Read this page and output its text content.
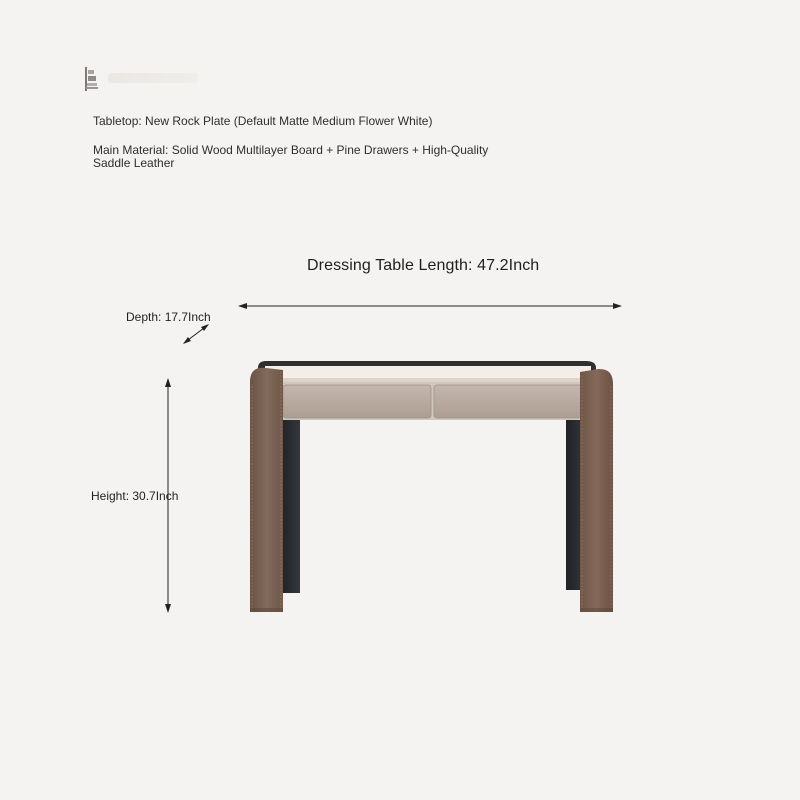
Tabletop: New Rock Plate (Default Matte Medium Flower White)
Main Material: Solid Wood Multilayer Board + Pine Drawers + High-Quality Saddle Leather
Dressing Table Length: 47.2Inch
Depth: 17.7Inch
Height: 30.7Inch
